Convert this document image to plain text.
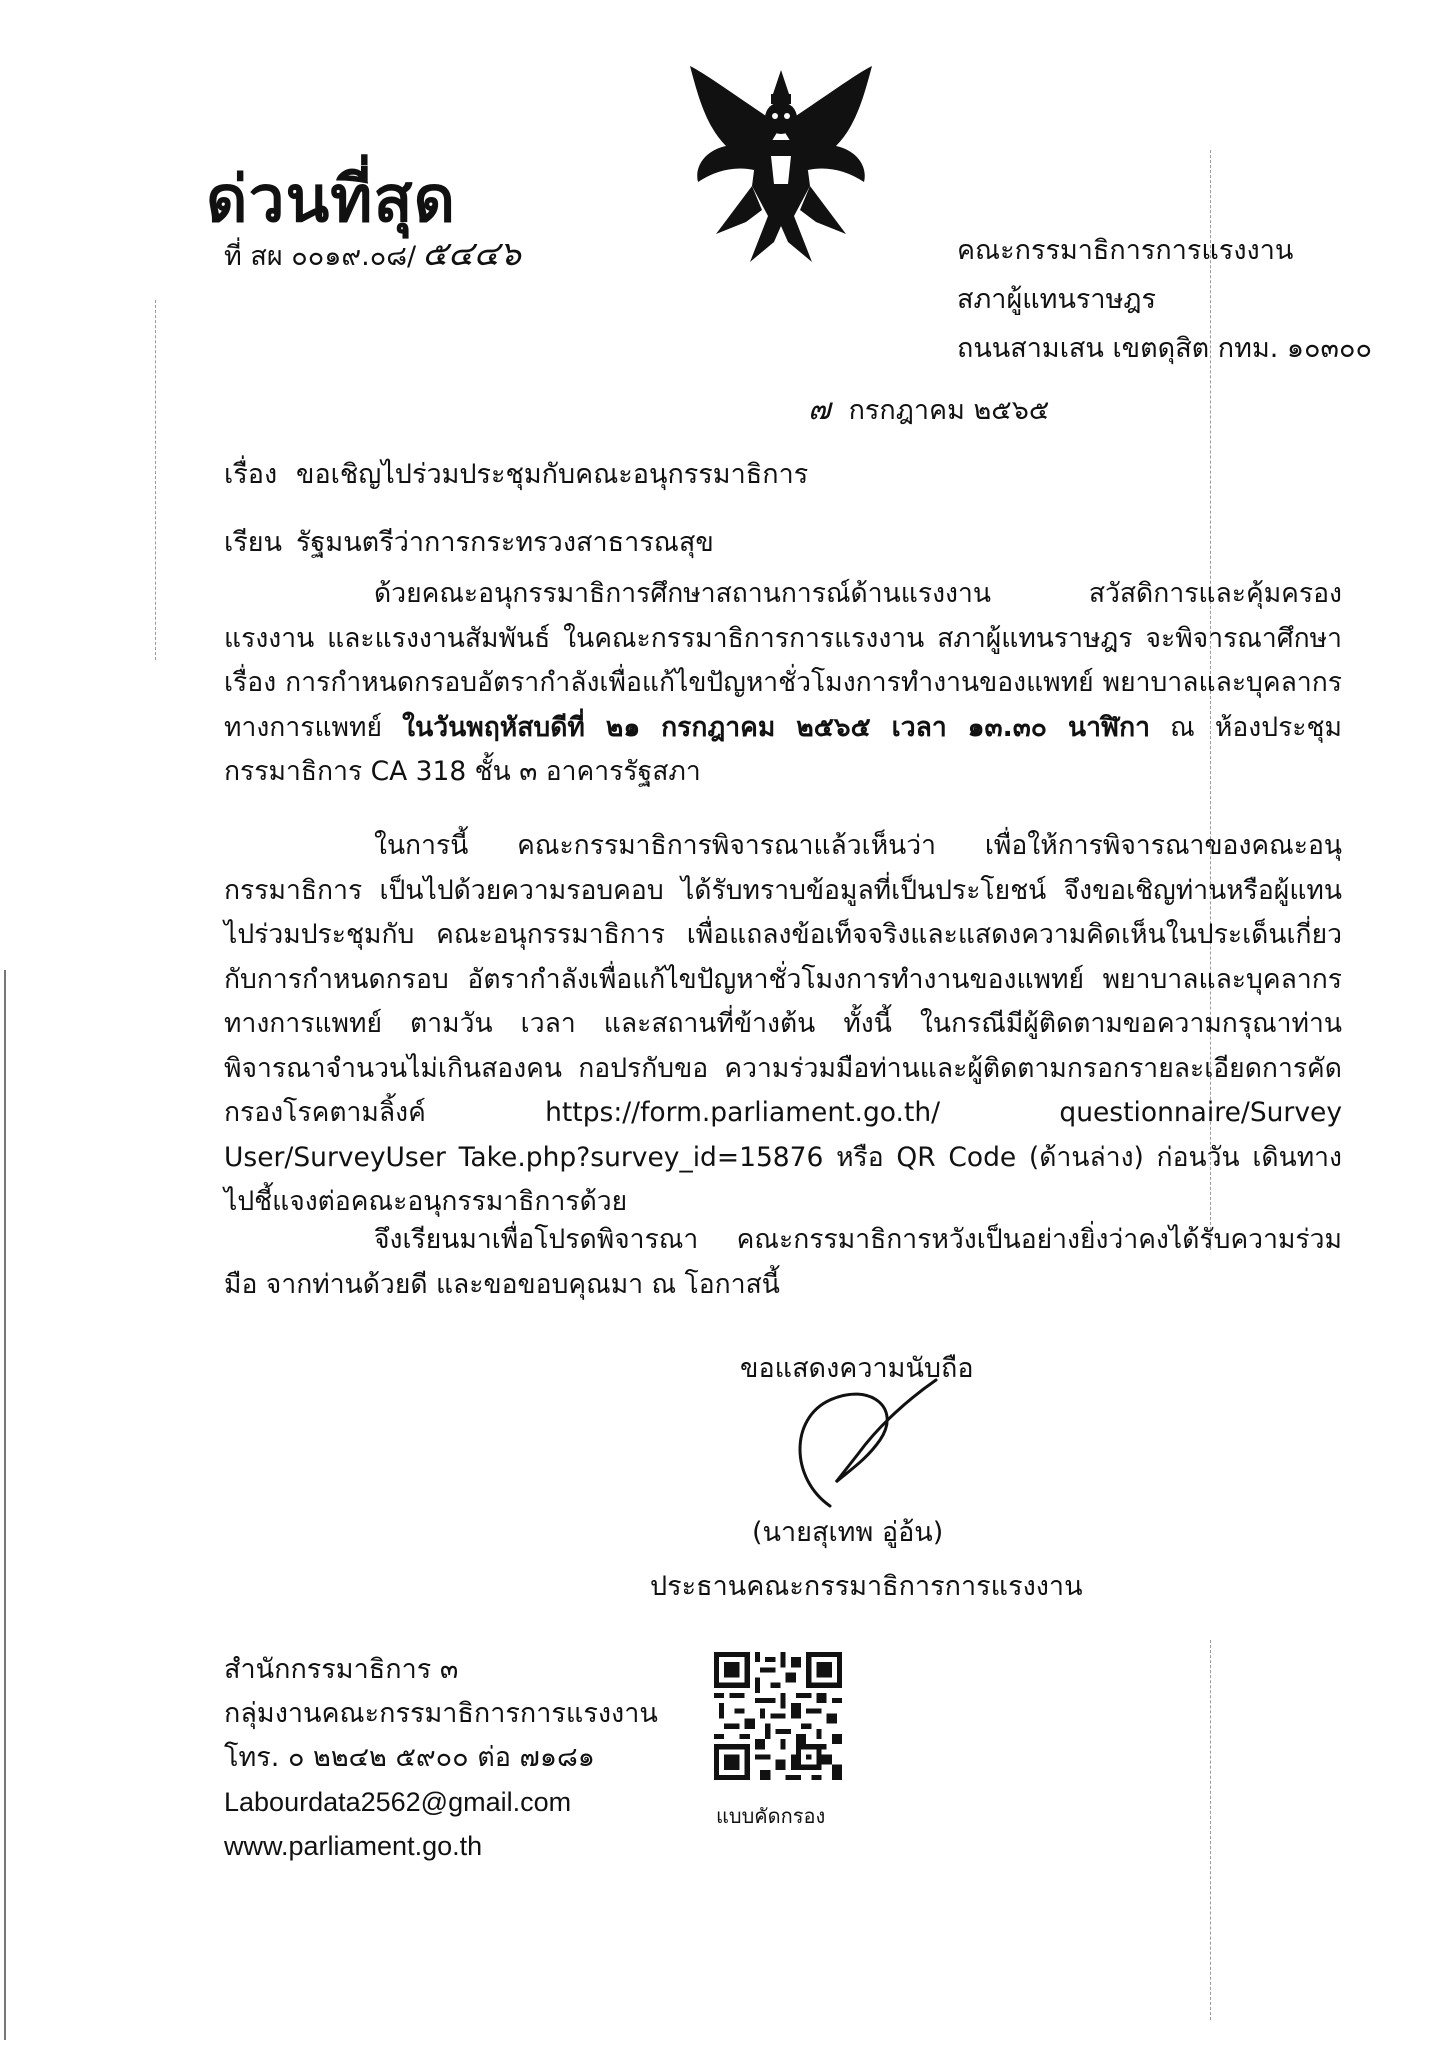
ด่วนที่สุด
ที่ สผ ๐๐๑๙.๐๘/ ๕๔๔๖	คณะกรรมาธิการการแรงงาน
สภาผู้แทนราษฎร
ถนนสามเสน เขตดุสิต กทม. ๑๐๓๐๐
๗ กรกฎาคม ๒๕๖๕
เรื่อง ขอเชิญไปร่วมประชุมกับคณะอนุกรรมาธิการ
เรียน รัฐมนตรีว่าการกระทรวงสาธารณสุข
ด้วยคณะอนุกรรมาธิการศึกษาสถานการณ์ด้านแรงงาน สวัสดิการและคุ้มครองแรงงาน และแรงงานสัมพันธ์ ในคณะกรรมาธิการการแรงงาน สภาผู้แทนราษฎร จะพิจารณาศึกษาเรื่อง การกำหนดกรอบอัตรากำลังเพื่อแก้ไขปัญหาชั่วโมงการทำงานของแพทย์ พยาบาลและบุคลากรทางการแพทย์ ในวันพฤหัสบดีที่ ๒๑ กรกฎาคม ๒๕๖๕ เวลา ๑๓.๓๐ นาฬิกา ณ ห้องประชุมกรรมาธิการ CA 318 ชั้น ๓ อาคารรัฐสภา
ในการนี้ คณะกรรมาธิการพิจารณาแล้วเห็นว่า เพื่อให้การพิจารณาของคณะอนุกรรมาธิการ เป็นไปด้วยความรอบคอบ ได้รับทราบข้อมูลที่เป็นประโยชน์ จึงขอเชิญท่านหรือผู้แทนไปร่วมประชุมกับ คณะอนุกรรมาธิการ เพื่อแถลงข้อเท็จจริงและแสดงความคิดเห็นในประเด็นเกี่ยวกับการกำหนดกรอบ อัตรากำลังเพื่อแก้ไขปัญหาชั่วโมงการทำงานของแพทย์ พยาบาลและบุคลากรทางการแพทย์ ตามวัน เวลา และสถานที่ข้างต้น ทั้งนี้ ในกรณีมีผู้ติดตามขอความกรุณาท่านพิจารณาจำนวนไม่เกินสองคน กอปรกับขอ ความร่วมมือท่านและผู้ติดตามกรอกรายละเอียดการคัดกรองโรคตามลิ้งค์ https://form.parliament.go.th/ questionnaire/Survey User/SurveyUser Take.php?survey_id=15876 หรือ QR Code (ด้านล่าง) ก่อนวัน เดินทางไปชี้แจงต่อคณะอนุกรรมาธิการด้วย
จึงเรียนมาเพื่อโปรดพิจารณา คณะกรรมาธิการหวังเป็นอย่างยิ่งว่าคงได้รับความร่วมมือ จากท่านด้วยดี และขอขอบคุณมา ณ โอกาสนี้
ขอแสดงความนับถือ
(นายสุเทพ อู่อ้น)
ประธานคณะกรรมาธิการการแรงงาน
สำนักกรรมาธิการ ๓
กลุ่มงานคณะกรรมาธิการการแรงงาน
โทร. ๐ ๒๒๔๒ ๕๙๐๐ ต่อ ๗๑๘๑
Labourdata2562@gmail.com
www.parliament.go.th
แบบคัดกรอง
